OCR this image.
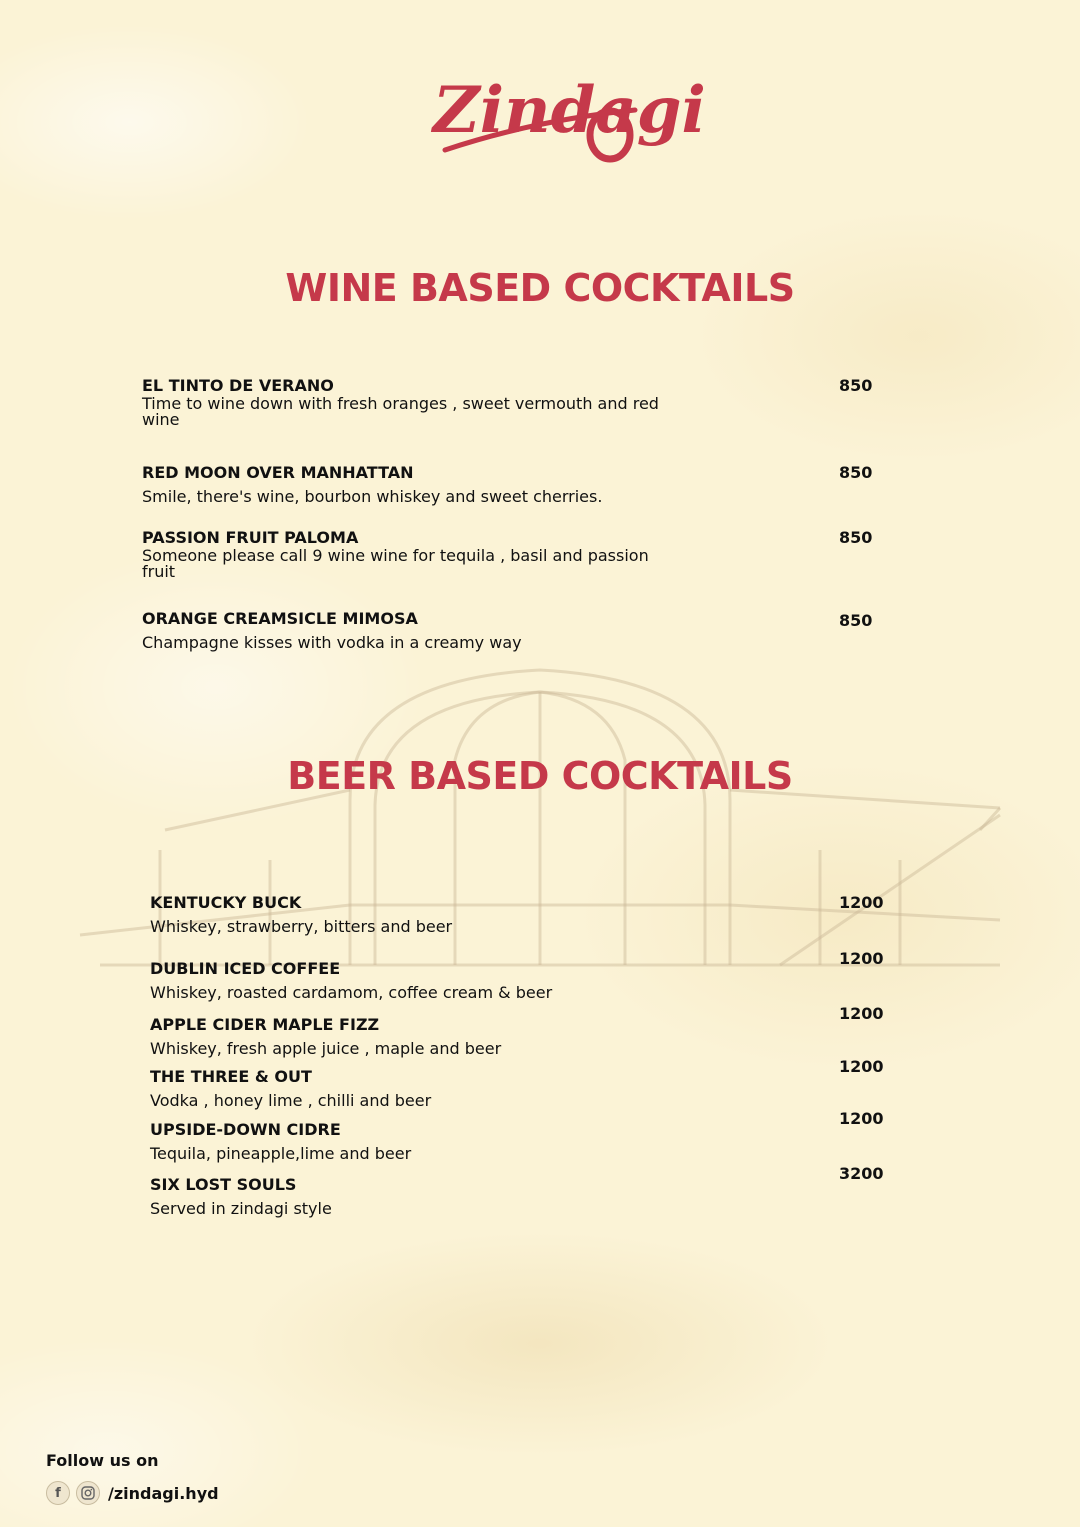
Zindagi
WINE BASED COCKTAILS
BEER BASED COCKTAILS
EL TINTO DE VERANO
Time to wine down with fresh oranges , sweet vermouth and red wine
850
RED MOON OVER MANHATTAN
Smile, there's wine, bourbon whiskey and sweet cherries.
850
PASSION FRUIT PALOMA
Someone please call 9 wine wine for tequila , basil and passion fruit
850
ORANGE CREAMSICLE MIMOSA
Champagne kisses with vodka in a creamy way
850
KENTUCKY BUCK
Whiskey, strawberry, bitters and beer
1200
DUBLIN ICED COFFEE
Whiskey, roasted cardamom, coffee cream & beer
1200
APPLE CIDER MAPLE FIZZ
Whiskey, fresh apple juice , maple and beer
1200
THE THREE & OUT
Vodka , honey lime , chilli and beer
1200
UPSIDE-DOWN CIDRE
Tequila, pineapple,lime and beer
1200
SIX LOST SOULS
Served in zindagi style
3200
Follow us on
f	/zindagi.hyd
